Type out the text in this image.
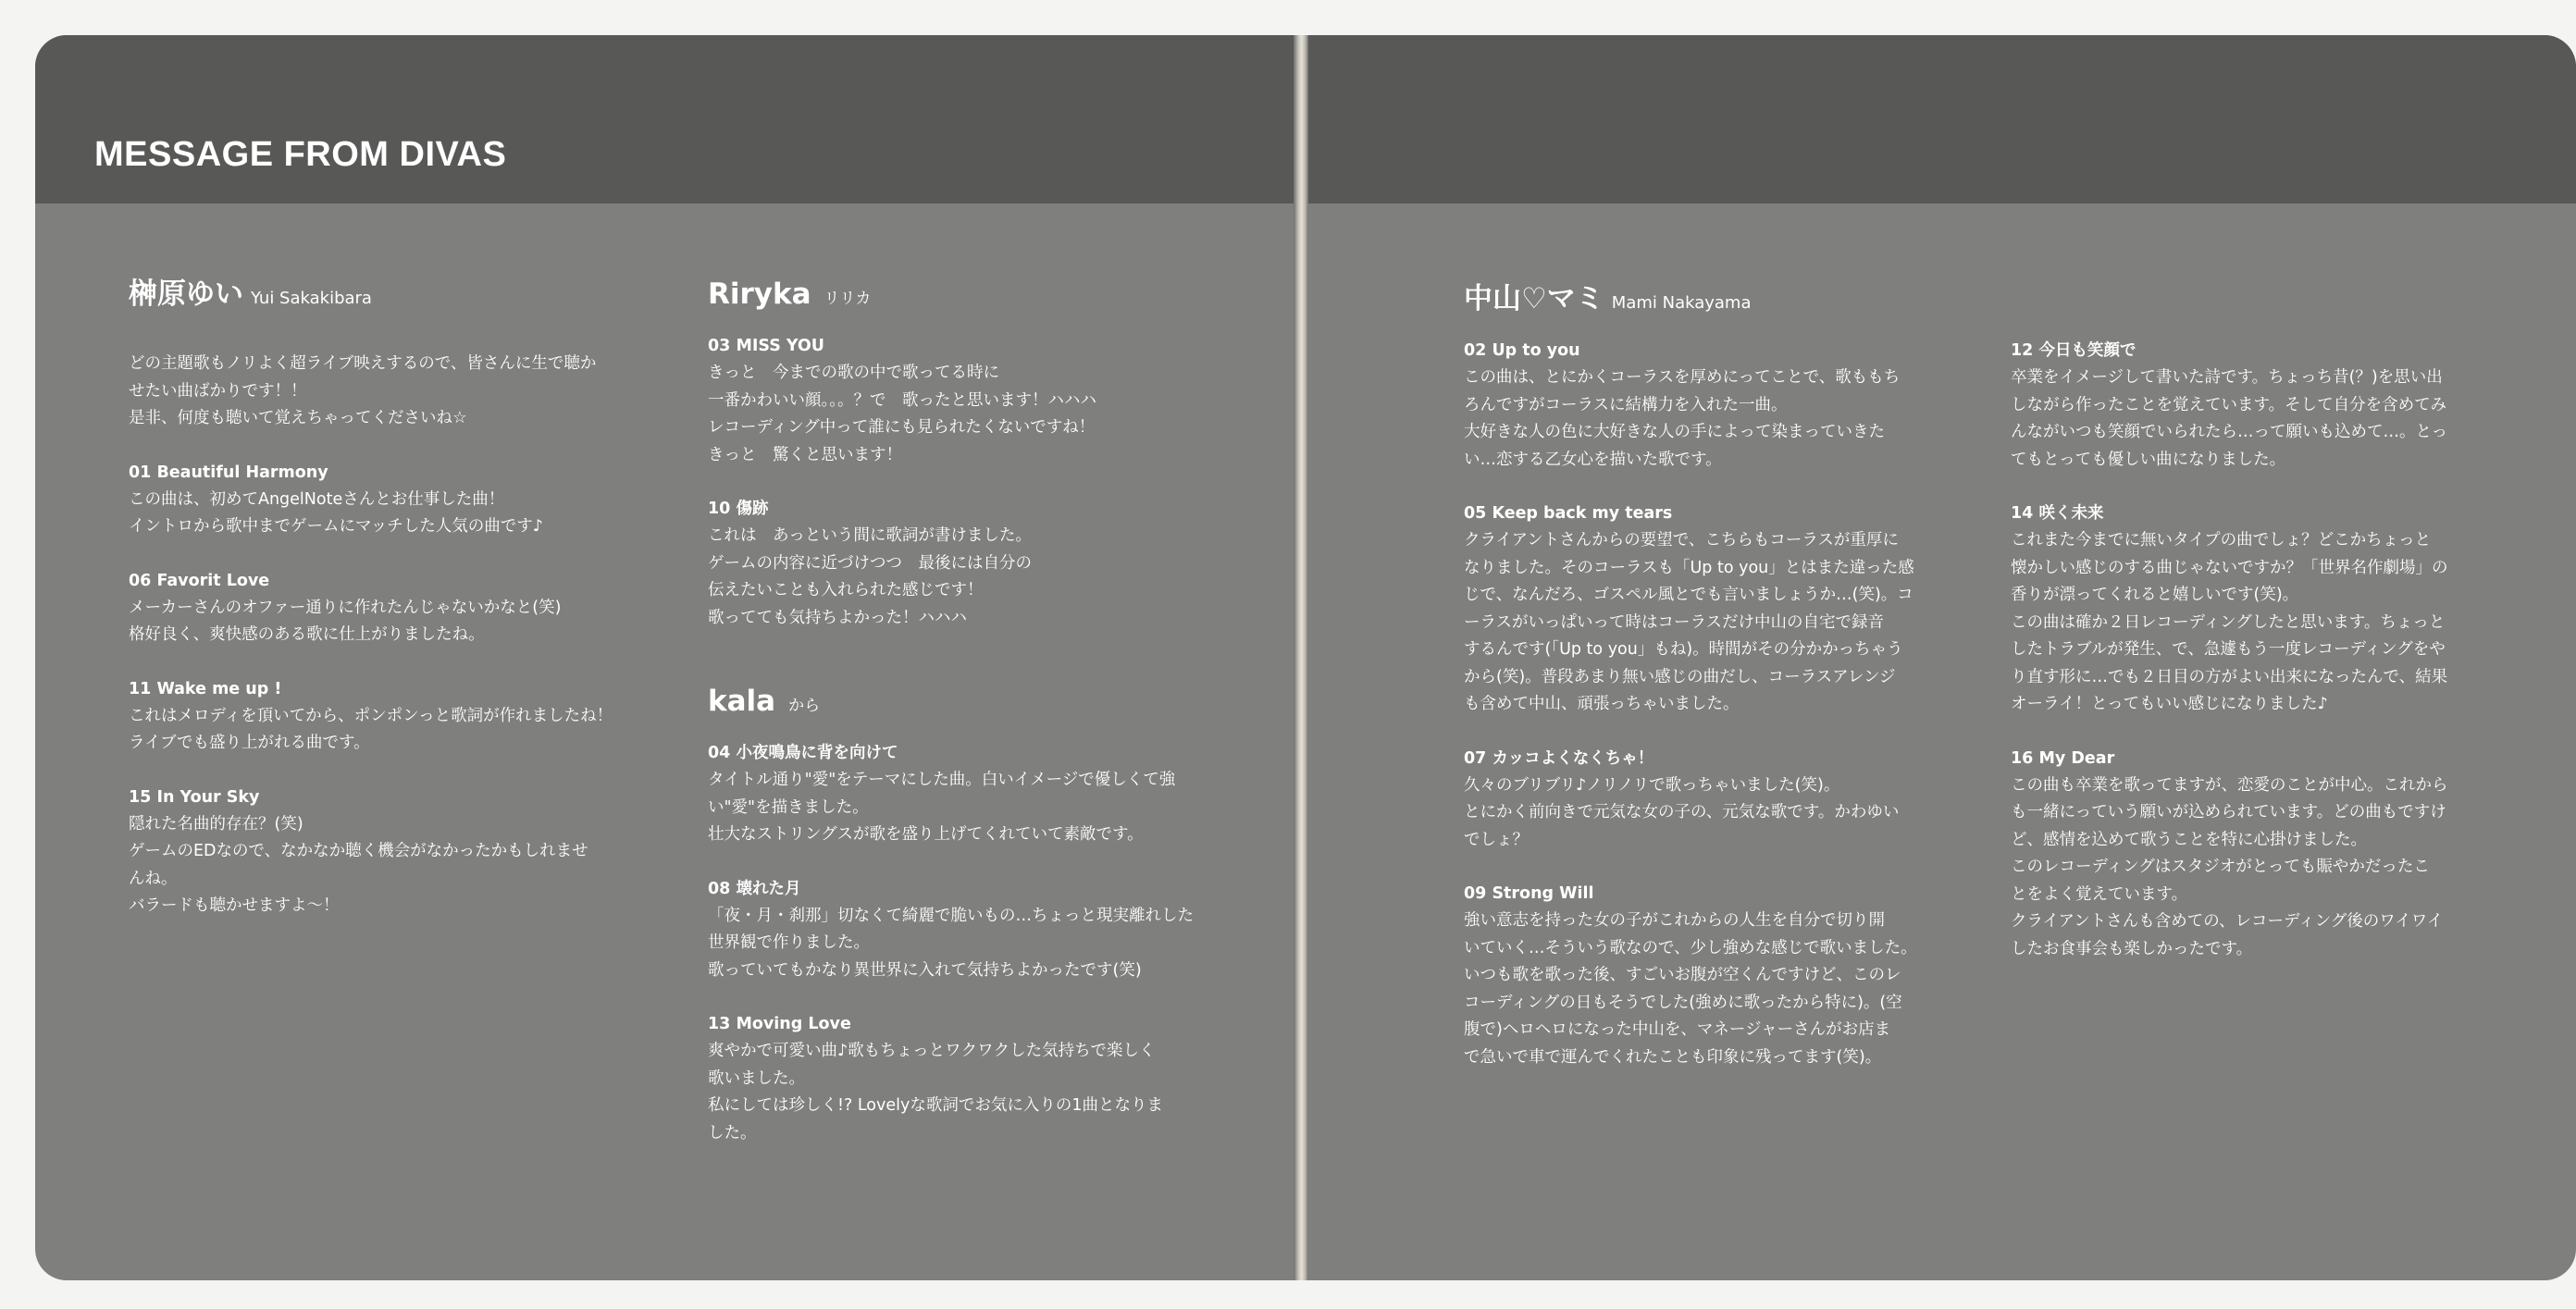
MESSAGE FROM DIVAS
榊原ゆい Yui Sakakibara

どの主題歌もノリよく超ライブ映えするので、皆さんに生で聴か

せたい曲ばかりです！！

是非、何度も聴いて覚えちゃってくださいね☆

01 Beautiful Harmony

この曲は、初めてAngelNoteさんとお仕事した曲！

イントロから歌中までゲームにマッチした人気の曲です♪

06 Favorit Love

メーカーさんのオファー通りに作れたんじゃないかなと(笑)

格好良く、爽快感のある歌に仕上がりましたね。

11 Wake me up !

これはメロディを頂いてから、ポンポンっと歌詞が作れましたね！

ライブでも盛り上がれる曲です。

15 In Your Sky

隠れた名曲的存在？(笑)

ゲームのEDなので、なかなか聴く機会がなかったかもしれませ

んね。

バラードも聴かせますよ～！

Riryka リリカ

03 MISS YOU

きっと　今までの歌の中で歌ってる時に

一番かわいい顔。。。？で　歌ったと思います！ハハハ

レコーディング中って誰にも見られたくないですね！

きっと　驚くと思います！

10 傷跡

これは　あっという間に歌詞が書けました。

ゲームの内容に近づけつつ　最後には自分の

伝えたいことも入れられた感じです！

歌ってても気持ちよかった！ハハハ

kala から

04 小夜鳴鳥に背を向けて

タイトル通り"愛"をテーマにした曲。白いイメージで優しくて強

い"愛"を描きました。

壮大なストリングスが歌を盛り上げてくれていて素敵です。

08 壊れた月

「夜・月・刹那」切なくて綺麗で脆いもの…ちょっと現実離れした

世界観で作りました。

歌っていてもかなり異世界に入れて気持ちよかったです(笑)

13 Moving Love

爽やかで可愛い曲♪歌もちょっとワクワクした気持ちで楽しく

歌いました。

私にしては珍しく!? Lovelyな歌詞でお気に入りの1曲となりま

した。

中山♡マミ Mami Nakayama

02 Up to you

この曲は、とにかくコーラスを厚めにってことで、歌ももち

ろんですがコーラスに結構力を入れた一曲。

大好きな人の色に大好きな人の手によって染まっていきた

い…恋する乙女心を描いた歌です。

05 Keep back my tears

クライアントさんからの要望で、こちらもコーラスが重厚に

なりました。そのコーラスも「Up to you」とはまた違った感

じで、なんだろ、ゴスペル風とでも言いましょうか…(笑)。コ

ーラスがいっぱいって時はコーラスだけ中山の自宅で録音

するんです(「Up to you」もね)。時間がその分かかっちゃう

から(笑)。普段あまり無い感じの曲だし、コーラスアレンジ

も含めて中山、頑張っちゃいました。

07 カッコよくなくちゃ！

久々のブリブリ♪ノリノリで歌っちゃいました(笑)。

とにかく前向きで元気な女の子の、元気な歌です。かわゆい

でしょ？

09 Strong Will

強い意志を持った女の子がこれからの人生を自分で切り開

いていく…そういう歌なので、少し強めな感じで歌いました。

いつも歌を歌った後、すごいお腹が空くんですけど、このレ

コーディングの日もそうでした(強めに歌ったから特に)。(空

腹で)ヘロヘロになった中山を、マネージャーさんがお店ま

で急いで車で運んでくれたことも印象に残ってます(笑)。

12 今日も笑顔で

卒業をイメージして書いた詩です。ちょっち昔(？)を思い出

しながら作ったことを覚えています。そして自分を含めてみ

んながいつも笑顔でいられたら…って願いも込めて…。とっ

てもとっても優しい曲になりました。

14 咲く未来

これまた今までに無いタイプの曲でしょ？どこかちょっと

懐かしい感じのする曲じゃないですか？「世界名作劇場」の

香りが漂ってくれると嬉しいです(笑)。

この曲は確か２日レコーディングしたと思います。ちょっと

したトラブルが発生、で、急遽もう一度レコーディングをや

り直す形に…でも２日目の方がよい出来になったんで、結果

オーライ！とってもいい感じになりました♪

16 My Dear

この曲も卒業を歌ってますが、恋愛のことが中心。これから

も一緒にっていう願いが込められています。どの曲もですけ

ど、感情を込めて歌うことを特に心掛けました。

このレコーディングはスタジオがとっても賑やかだったこ

とをよく覚えています。

クライアントさんも含めての、レコーディング後のワイワイ

したお食事会も楽しかったです。
